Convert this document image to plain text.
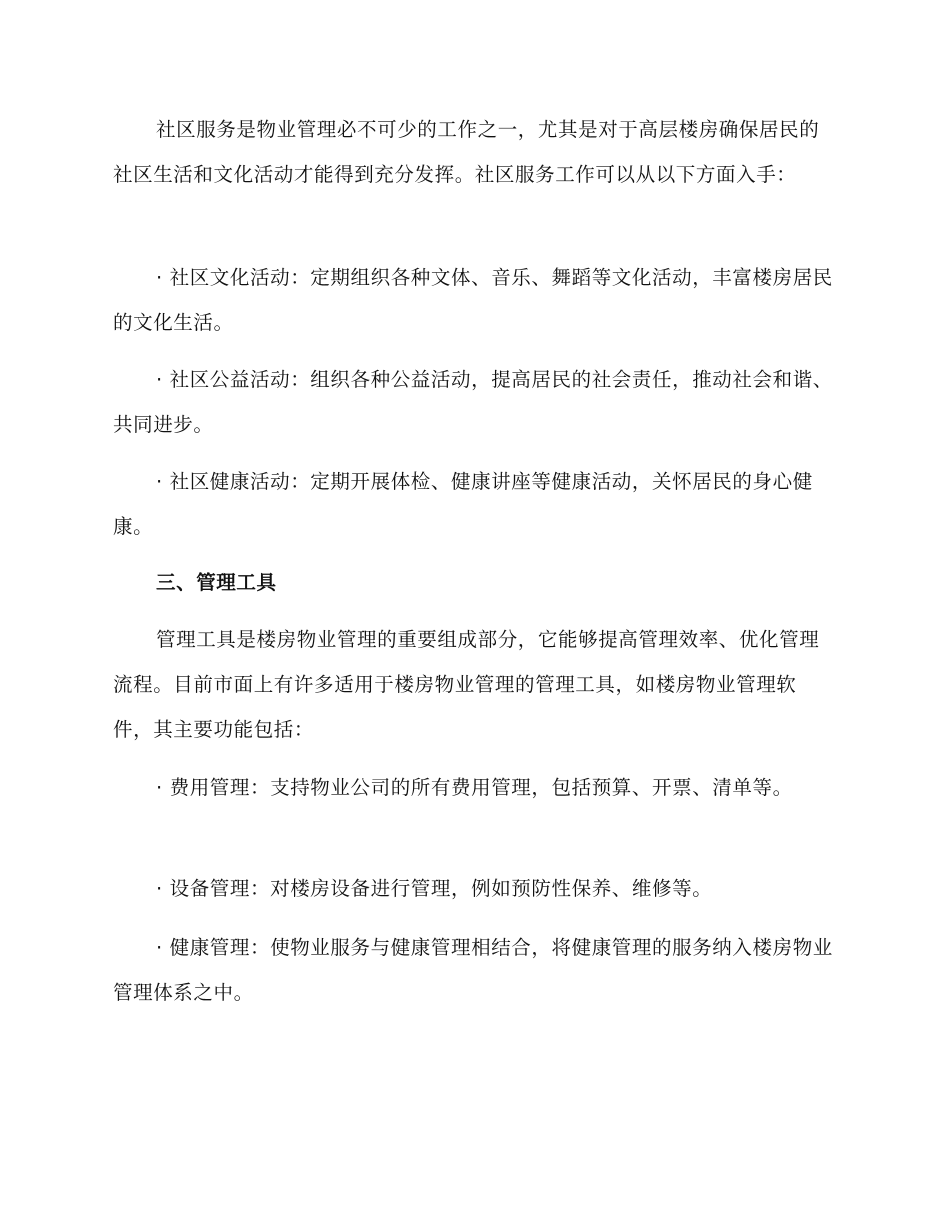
社区服务是物业管理必不可少的工作之一，尤其是对于高层楼房确保居民的社区生活和文化活动才能得到充分发挥。社区服务工作可以从以下方面入手：

· 社区文化活动：定期组织各种文体、音乐、舞蹈等文化活动，丰富楼房居民的文化生活。

· 社区公益活动：组织各种公益活动，提高居民的社会责任，推动社会和谐、共同进步。

· 社区健康活动：定期开展体检、健康讲座等健康活动，关怀居民的身心健康。

三、管理工具

管理工具是楼房物业管理的重要组成部分，它能够提高管理效率、优化管理流程。目前市面上有许多适用于楼房物业管理的管理工具，如楼房物业管理软件，其主要功能包括：

· 费用管理：支持物业公司的所有费用管理，包括预算、开票、清单等。

· 设备管理：对楼房设备进行管理，例如预防性保养、维修等。

· 健康管理：使物业服务与健康管理相结合，将健康管理的服务纳入楼房物业管理体系之中。
